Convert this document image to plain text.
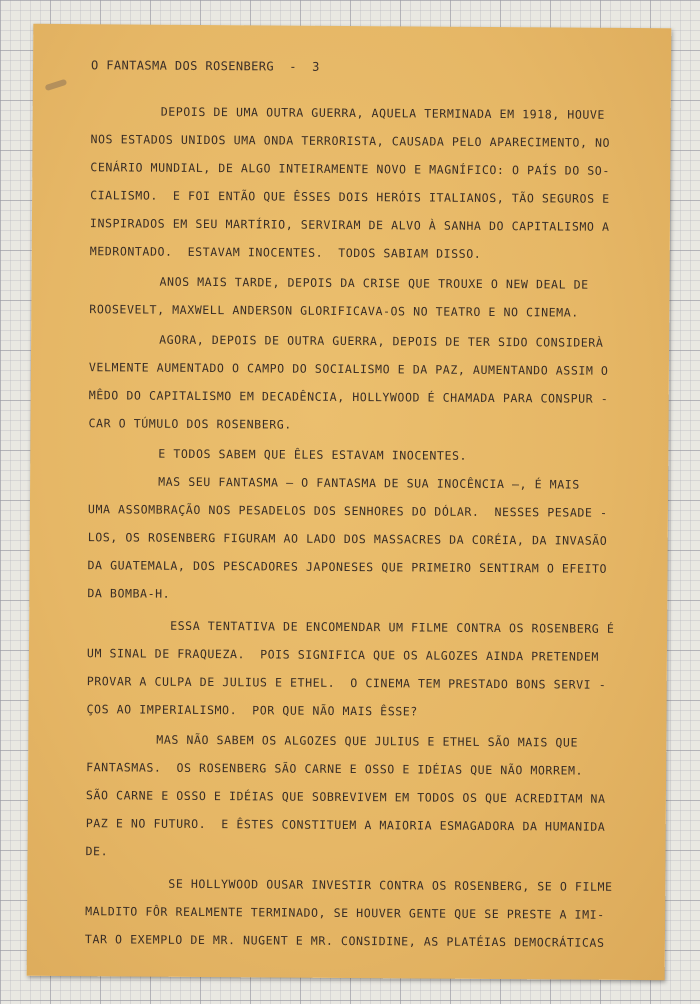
O FANTASMA DOS ROSENBERG  -  3
DEPOIS DE UMA OUTRA GUERRA, AQUELA TERMINADA EM 1918, HOUVE
NOS ESTADOS UNIDOS UMA ONDA TERRORISTA, CAUSADA PELO APARECIMENTO, NO
CENÁRIO MUNDIAL, DE ALGO INTEIRAMENTE NOVO E MAGNÍFICO: O PAÍS DO SO-
CIALISMO.  E FOI ENTÃO QUE ÊSSES DOIS HERÓIS ITALIANOS, TÃO SEGUROS E
INSPIRADOS EM SEU MARTÍRIO, SERVIRAM DE ALVO À SANHA DO CAPITALISMO A
MEDRONTADO.  ESTAVAM INOCENTES.  TODOS SABIAM DISSO.
ANOS MAIS TARDE, DEPOIS DA CRISE QUE TROUXE O NEW DEAL DE
ROOSEVELT, MAXWELL ANDERSON GLORIFICAVA-OS NO TEATRO E NO CINEMA.
AGORA, DEPOIS DE OUTRA GUERRA, DEPOIS DE TER SIDO CONSIDERÀ
VELMENTE AUMENTADO O CAMPO DO SOCIALISMO E DA PAZ, AUMENTANDO ASSIM O
MÊDO DO CAPITALISMO EM DECADÊNCIA, HOLLYWOOD É CHAMADA PARA CONSPUR -
CAR O TÚMULO DOS ROSENBERG.
E TODOS SABEM QUE ÊLES ESTAVAM INOCENTES.
MAS SEU FANTASMA — O FANTASMA DE SUA INOCÊNCIA —, É MAIS
UMA ASSOMBRAÇÃO NOS PESADELOS DOS SENHORES DO DÓLAR.  NESSES PESADE -
LOS, OS ROSENBERG FIGURAM AO LADO DOS MASSACRES DA CORÉIA, DA INVASÃO
DA GUATEMALA, DOS PESCADORES JAPONESES QUE PRIMEIRO SENTIRAM O EFEITO
DA BOMBA-H.
ESSA TENTATIVA DE ENCOMENDAR UM FILME CONTRA OS ROSENBERG É
UM SINAL DE FRAQUEZA.  POIS SIGNIFICA QUE OS ALGOZES AINDA PRETENDEM
PROVAR A CULPA DE JULIUS E ETHEL.  O CINEMA TEM PRESTADO BONS SERVI -
ÇOS AO IMPERIALISMO.  POR QUE NÃO MAIS ÊSSE?
MAS NÃO SABEM OS ALGOZES QUE JULIUS E ETHEL SÃO MAIS QUE
FANTASMAS.  OS ROSENBERG SÃO CARNE E OSSO E IDÉIAS QUE NÃO MORREM.
SÃO CARNE E OSSO E IDÉIAS QUE SOBREVIVEM EM TODOS OS QUE ACREDITAM NA
PAZ E NO FUTURO.  E ÊSTES CONSTITUEM A MAIORIA ESMAGADORA DA HUMANIDA
DE.
SE HOLLYWOOD OUSAR INVESTIR CONTRA OS ROSENBERG, SE O FILME
MALDITO FÔR REALMENTE TERMINADO, SE HOUVER GENTE QUE SE PRESTE A IMI-
TAR O EXEMPLO DE MR. NUGENT E MR. CONSIDINE, AS PLATÉIAS DEMOCRÁTICAS
